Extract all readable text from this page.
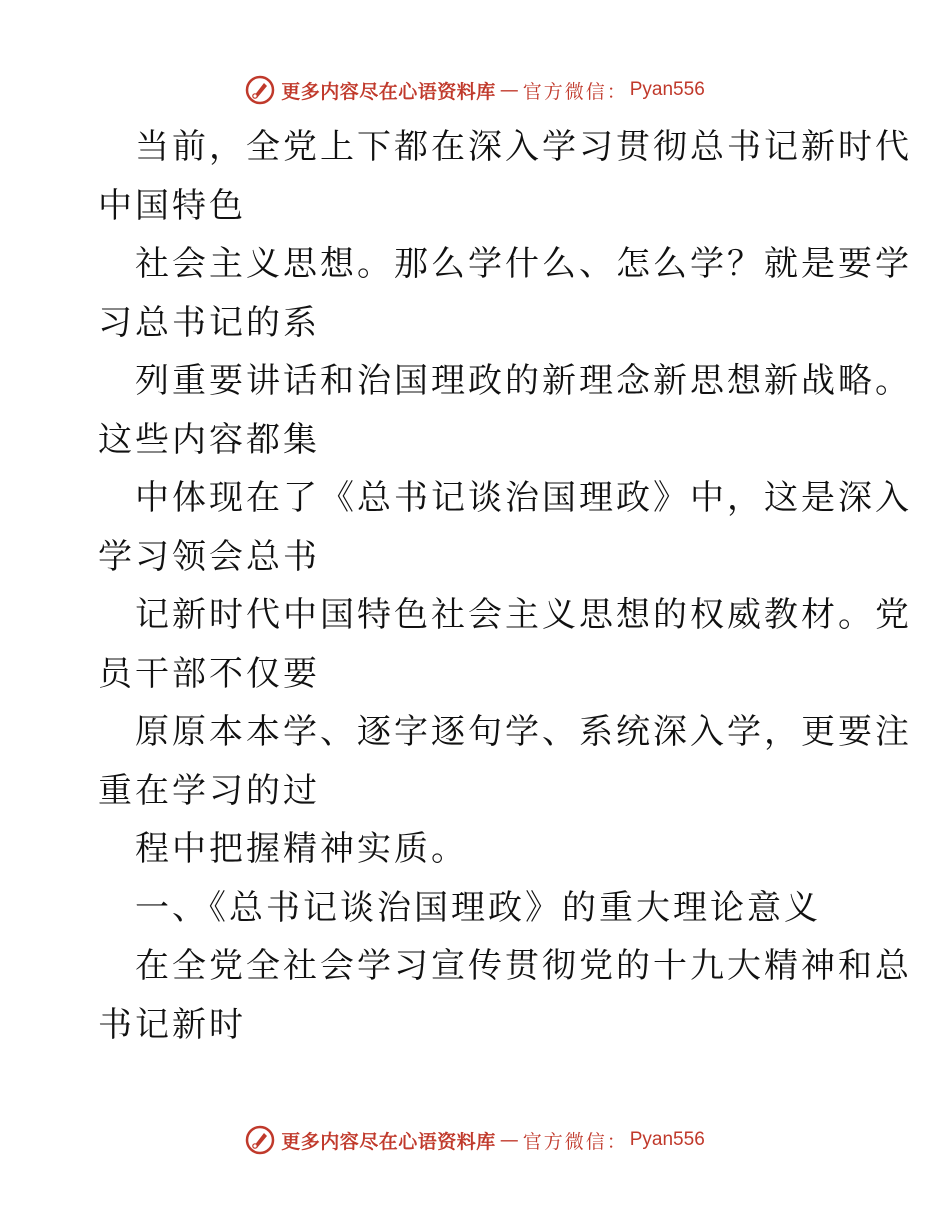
更多内容尽在心语资料库 — 官方微信： Pyan556
当前，全党上下都在深入学习贯彻总书记新时代
中国特色
社会主义思想。那么学什么、怎么学？就是要学
习总书记的系
列重要讲话和治国理政的新理念新思想新战略。
这些内容都集
中体现在了《总书记谈治国理政》中，这是深入
学习领会总书
记新时代中国特色社会主义思想的权威教材。党
员干部不仅要
原原本本学、逐字逐句学、系统深入学，更要注
重在学习的过
程中把握精神实质。
一、《总书记谈治国理政》的重大理论意义
在全党全社会学习宣传贯彻党的十九大精神和总
书记新时
更多内容尽在心语资料库 — 官方微信： Pyan556
